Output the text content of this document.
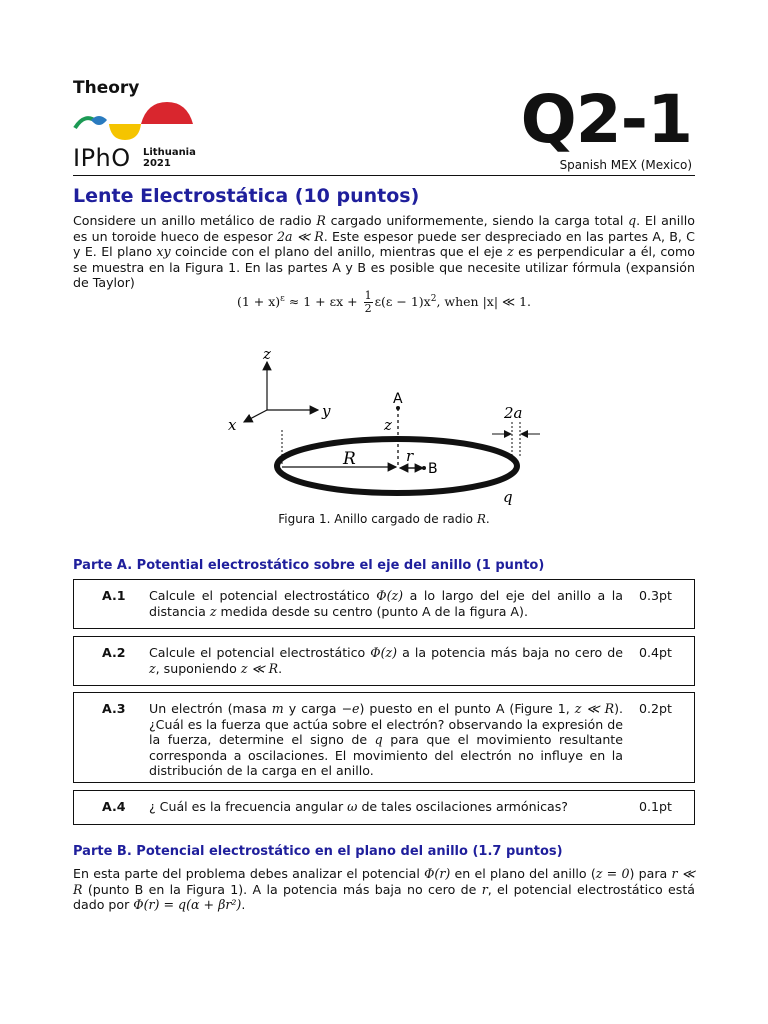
Theory
IPhO Lithuania
2021
Q2-1
Spanish MEX (Mexico)
Lente Electrostática (10 puntos)
Considere un anillo metálico de radio R cargado uniformemente, siendo la carga total q. El anillo es un toroide hueco de espesor 2a ≪ R. Este espesor puede ser despreciado en las partes A, B, C y E. El plano xy coincide con el plano del anillo, mientras que el eje z es perpendicular a él, como se muestra en la Figura 1. En las partes A y B es posible que necesite utilizar fórmula (expansión de Taylor)
$(1 + x)^\varepsilon \approx 1 + \varepsilon x + \frac{1}{2} \varepsilon(\varepsilon - 1)x^2$, when |x| ≪ 1.
z
y
x
A
z
2a
R	r
B
q
Figura 1. Anillo cargado de radio R.
Parte A. Potential electrostático sobre el eje del anillo (1 punto)
A.1 Calcule el potencial electrostático Φ(z) a lo largo del eje del anillo a la distancia z medida desde su centro (punto A de la figura A).
0.3pt
A.2 Calcule el potencial electrostático Φ(z) a la potencia más baja no cero de z, suponiendo z ≪ R.
0.4pt
A.3 Un electrón (masa m y carga −e) puesto en el punto A (Figure 1, z ≪ R). ¿Cuál es la fuerza que actúa sobre el electrón? observando la expresión de la fuerza, determine el signo de q para que el movimiento resultante corresponda a oscilaciones. El movimiento del electrón no influye en la distribución de la carga en el anillo.
0.2pt
A.4 ¿ Cuál es la frecuencia angular ω de tales oscilaciones armónicas?	0.1pt
Parte B. Potencial electrostático en el plano del anillo (1.7 puntos)
En esta parte del problema debes analizar el potencial Φ(r) en el plano del anillo (z = 0) para r ≪ R (punto B en la Figura 1). A la potencia más baja no cero de r, el potencial electrostático está dado por Φ(r) = q(α + βr²).
